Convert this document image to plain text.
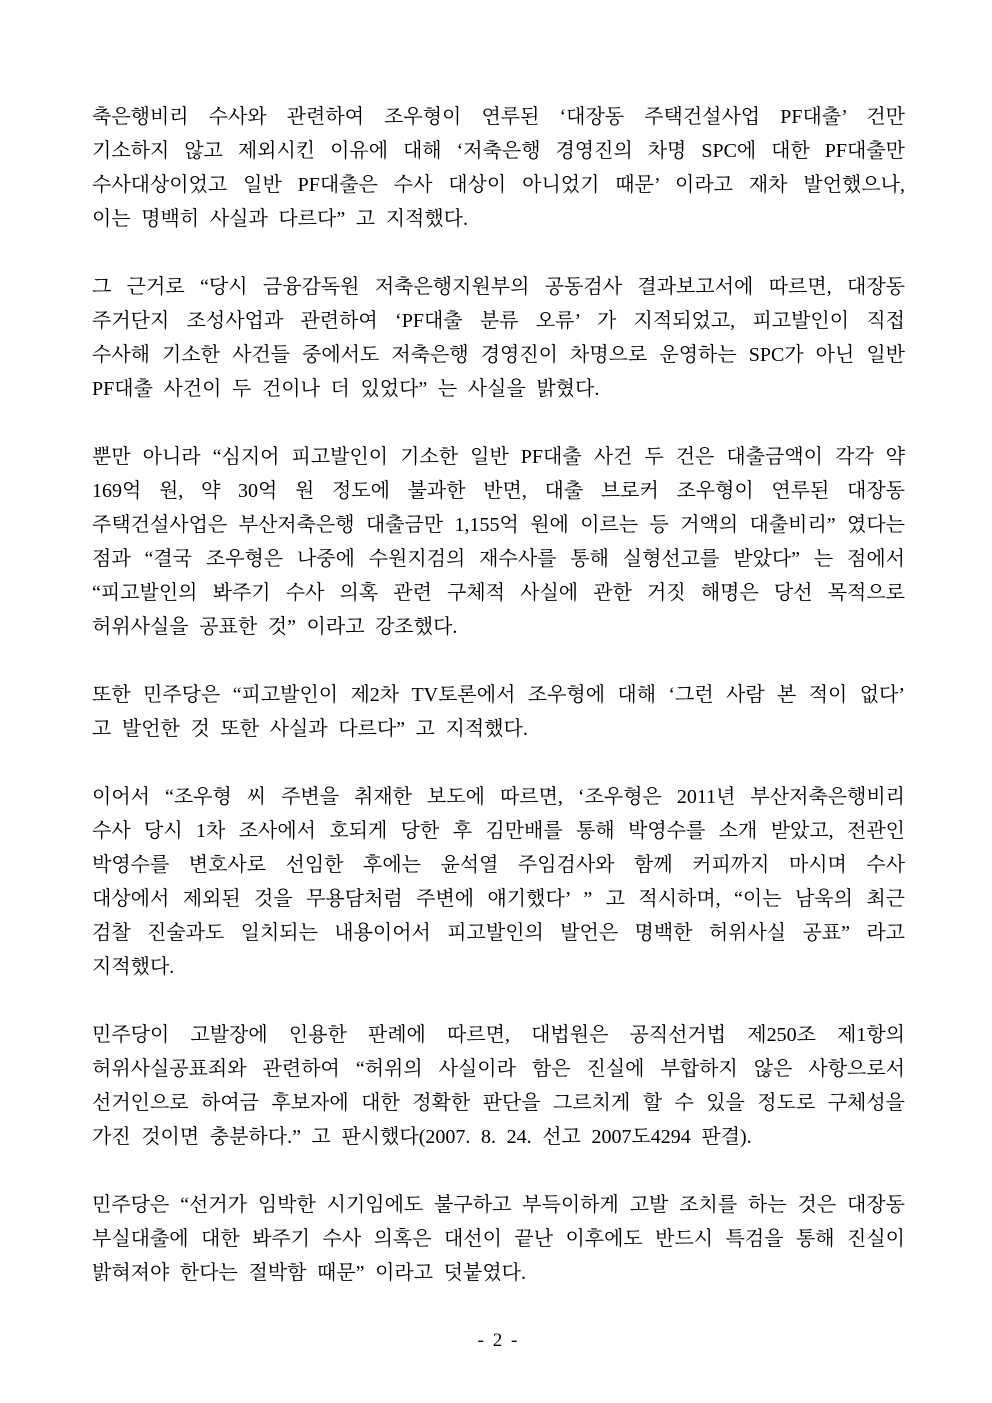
축은행비리 수사와 관련하여 조우형이 연루된 ‘대장동 주택건설사업 PF대출’ 건만 기소하지 않고 제외시킨 이유에 대해 ‘저축은행 경영진의 차명 SPC에 대한 PF대출만 수사대상이었고 일반 PF대출은 수사 대상이 아니었기 때문’ 이라고 재차 발언했으나, 이는 명백히 사실과 다르다” 고 지적했다.

그 근거로 “당시 금융감독원 저축은행지원부의 공동검사 결과보고서에 따르면, 대장동 주거단지 조성사업과 관련하여 ‘PF대출 분류 오류’ 가 지적되었고, 피고발인이 직접 수사해 기소한 사건들 중에서도 저축은행 경영진이 차명으로 운영하는 SPC가 아닌 일반 PF대출 사건이 두 건이나 더 있었다” 는 사실을 밝혔다.

뿐만 아니라 “심지어 피고발인이 기소한 일반 PF대출 사건 두 건은 대출금액이 각각 약 169억 원, 약 30억 원 정도에 불과한 반면, 대출 브로커 조우형이 연루된 대장동 주택건설사업은 부산저축은행 대출금만 1,155억 원에 이르는 등 거액의 대출비리” 였다는 점과 “결국 조우형은 나중에 수원지검의 재수사를 통해 실형선고를 받았다” 는 점에서 “피고발인의 봐주기 수사 의혹 관련 구체적 사실에 관한 거짓 해명은 당선 목적으로 허위사실을 공표한 것” 이라고 강조했다.

또한 민주당은 “피고발인이 제2차 TV토론에서 조우형에 대해 ‘그런 사람 본 적이 없다’ 고 발언한 것 또한 사실과 다르다” 고 지적했다.

이어서 “조우형 씨 주변을 취재한 보도에 따르면, ‘조우형은 2011년 부산저축은행비리 수사 당시 1차 조사에서 호되게 당한 후 김만배를 통해 박영수를 소개 받았고, 전관인 박영수를 변호사로 선임한 후에는 윤석열 주임검사와 함께 커피까지 마시며 수사 대상에서 제외된 것을 무용담처럼 주변에 얘기했다’ ” 고 적시하며, “이는 남욱의 최근 검찰 진술과도 일치되는 내용이어서 피고발인의 발언은 명백한 허위사실 공표” 라고 지적했다.

민주당이 고발장에 인용한 판례에 따르면, 대법원은 공직선거법 제250조 제1항의 허위사실공표죄와 관련하여 “허위의 사실이라 함은 진실에 부합하지 않은 사항으로서 선거인으로 하여금 후보자에 대한 정확한 판단을 그르치게 할 수 있을 정도로 구체성을 가진 것이면 충분하다.” 고 판시했다(2007. 8. 24. 선고 2007도4294 판결).

민주당은 “선거가 임박한 시기임에도 불구하고 부득이하게 고발 조치를 하는 것은 대장동 부실대출에 대한 봐주기 수사 의혹은 대선이 끝난 이후에도 반드시 특검을 통해 진실이 밝혀져야 한다는 절박함 때문” 이라고 덧붙였다.

- 2 -
